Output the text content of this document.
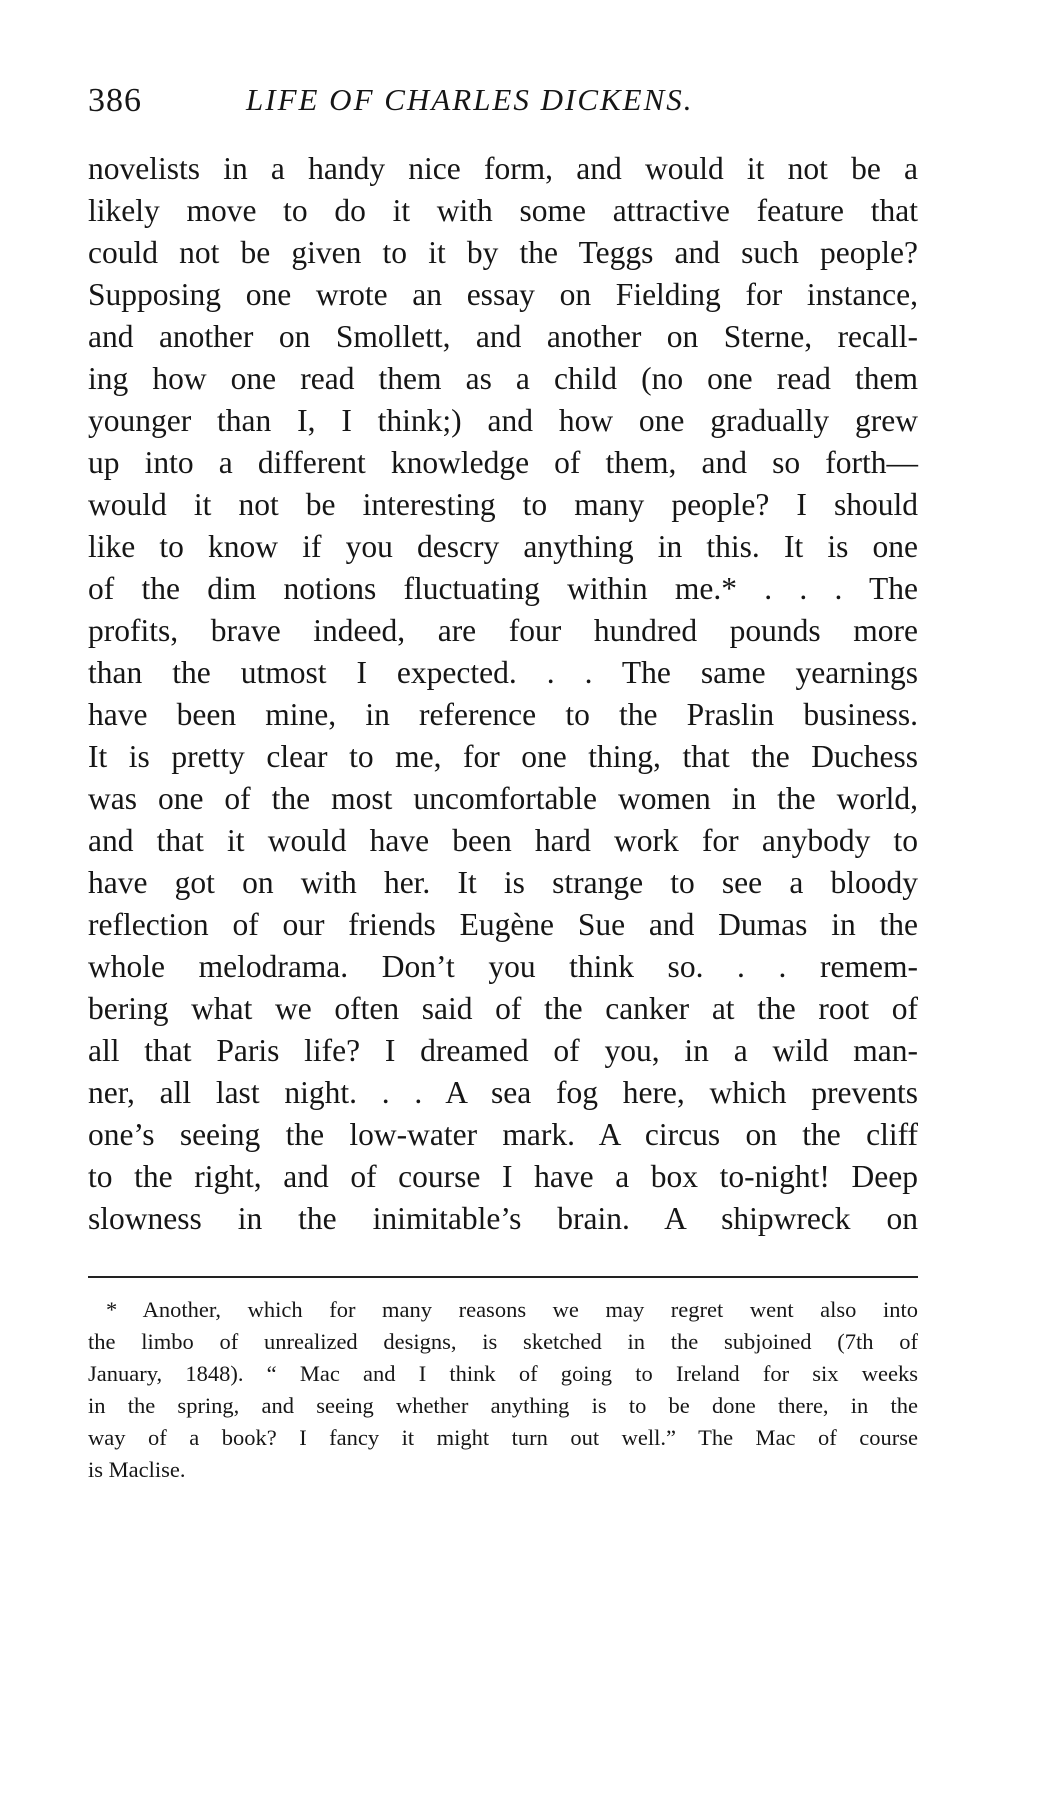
386	LIFE OF CHARLES DICKENS.
novelists in a handy nice form, and would it not be a
likely move to do it with some attractive feature that
could not be given to it by the Teggs and such people?
Supposing one wrote an essay on Fielding for instance,
and another on Smollett, and another on Sterne, recall-
ing how one read them as a child (no one read them
younger than I, I think;) and how one gradually grew
up into a different knowledge of them, and so forth—
would it not be interesting to many people? I should
like to know if you descry anything in this. It is one
of the dim notions fluctuating within me.* . . . The
profits, brave indeed, are four hundred pounds more
than the utmost I expected. . . The same yearnings
have been mine, in reference to the Praslin business.
It is pretty clear to me, for one thing, that the Duchess
was one of the most uncomfortable women in the world,
and that it would have been hard work for anybody to
have got on with her. It is strange to see a bloody
reflection of our friends Eugène Sue and Dumas in the
whole melodrama. Don’t you think so. . . remem-
bering what we often said of the canker at the root of
all that Paris life? I dreamed of you, in a wild man-
ner, all last night. . . A sea fog here, which prevents
one’s seeing the low-water mark. A circus on the cliff
to the right, and of course I have a box to-night! Deep
slowness in the inimitable’s brain. A shipwreck on
* Another, which for many reasons we may regret went also into
the limbo of unrealized designs, is sketched in the subjoined (7th of
January, 1848). “ Mac and I think of going to Ireland for six weeks
in the spring, and seeing whether anything is to be done there, in the
way of a book? I fancy it might turn out well.” The Mac of course
is Maclise.
